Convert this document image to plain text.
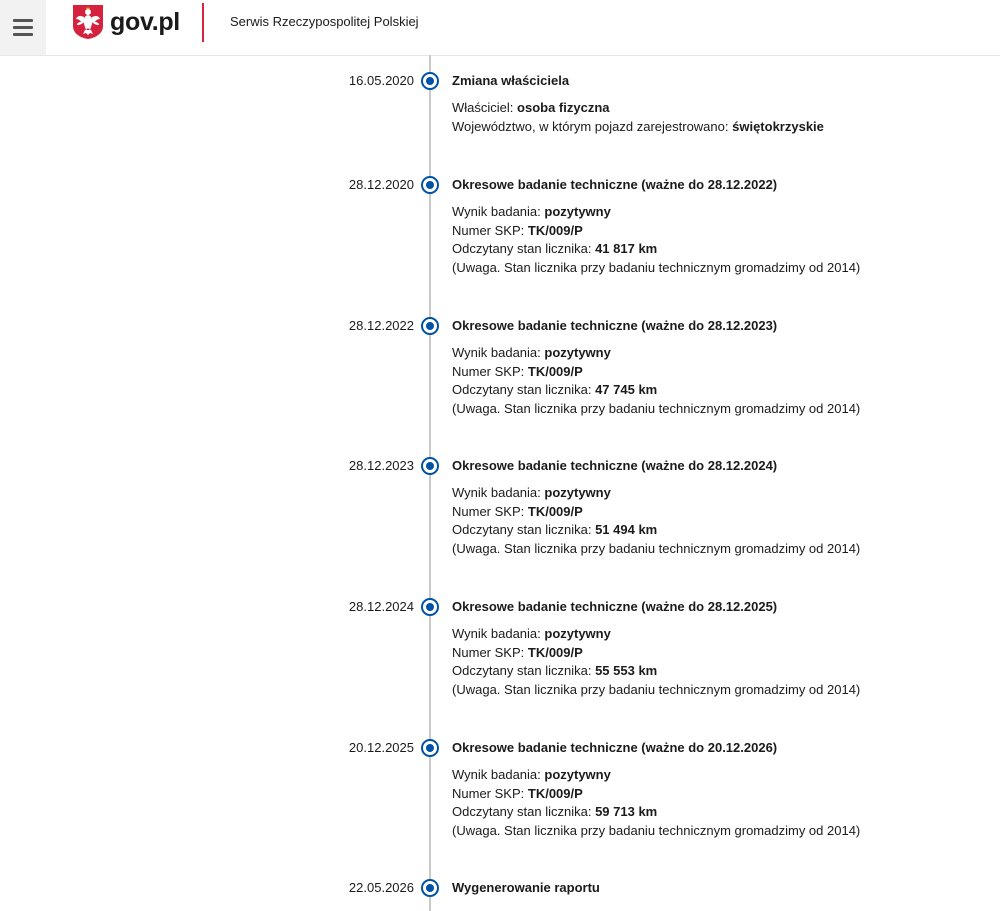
gov.pl	Serwis Rzeczypospolitej Polskiej
16.05.2020	Zmiana właściciela
Właściciel: osoba fizyczna
Województwo, w którym pojazd zarejestrowano: świętokrzyskie
28.12.2020	Okresowe badanie techniczne (ważne do 28.12.2022)
Wynik badania: pozytywny
Numer SKP: TK/009/P
Odczytany stan licznika: 41 817 km
(Uwaga. Stan licznika przy badaniu technicznym gromadzimy od 2014)
28.12.2022	Okresowe badanie techniczne (ważne do 28.12.2023)
Wynik badania: pozytywny
Numer SKP: TK/009/P
Odczytany stan licznika: 47 745 km
(Uwaga. Stan licznika przy badaniu technicznym gromadzimy od 2014)
28.12.2023	Okresowe badanie techniczne (ważne do 28.12.2024)
Wynik badania: pozytywny
Numer SKP: TK/009/P
Odczytany stan licznika: 51 494 km
(Uwaga. Stan licznika przy badaniu technicznym gromadzimy od 2014)
28.12.2024	Okresowe badanie techniczne (ważne do 28.12.2025)
Wynik badania: pozytywny
Numer SKP: TK/009/P
Odczytany stan licznika: 55 553 km
(Uwaga. Stan licznika przy badaniu technicznym gromadzimy od 2014)
20.12.2025	Okresowe badanie techniczne (ważne do 20.12.2026)
Wynik badania: pozytywny
Numer SKP: TK/009/P
Odczytany stan licznika: 59 713 km
(Uwaga. Stan licznika przy badaniu technicznym gromadzimy od 2014)
22.05.2026	Wygenerowanie raportu
